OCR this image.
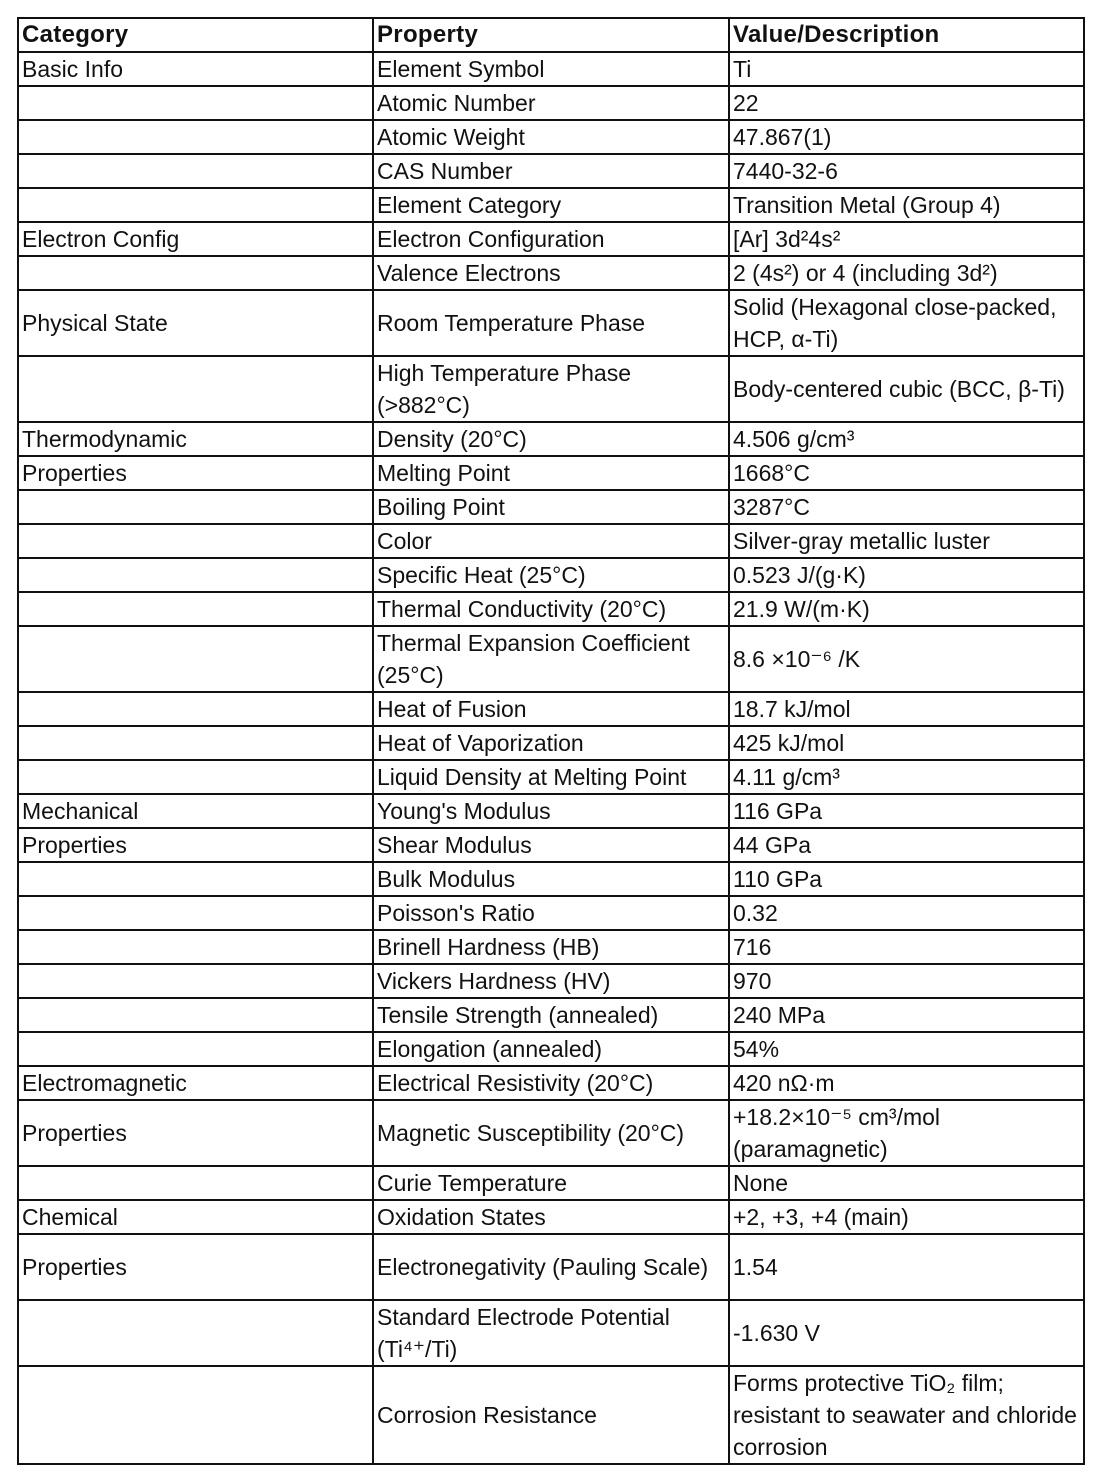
Category	Property	Value/Description
Basic Info	Element Symbol	Ti
	Atomic Number	22
	Atomic Weight	47.867(1)
	CAS Number	7440-32-6
	Element Category	Transition Metal (Group 4)
Electron Config	Electron Configuration	[Ar] 3d²4s²
	Valence Electrons	2 (4s²) or 4 (including 3d²)
Physical State	Room Temperature Phase	Solid (Hexagonal close-packed, HCP, α-Ti)
	High Temperature Phase (>882°C)	Body-centered cubic (BCC, β-Ti)
Thermodynamic	Density (20°C)	4.506 g/cm³
Properties	Melting Point	1668°C
	Boiling Point	3287°C
	Color	Silver-gray metallic luster
	Specific Heat (25°C)	0.523 J/(g·K)
	Thermal Conductivity (20°C)	21.9 W/(m·K)
	Thermal Expansion Coefficient (25°C)	8.6 ×10⁻⁶ /K
	Heat of Fusion	18.7 kJ/mol
	Heat of Vaporization	425 kJ/mol
	Liquid Density at Melting Point	4.11 g/cm³
Mechanical	Young's Modulus	116 GPa
Properties	Shear Modulus	44 GPa
	Bulk Modulus	110 GPa
	Poisson's Ratio	0.32
	Brinell Hardness (HB)	716
	Vickers Hardness (HV)	970
	Tensile Strength (annealed)	240 MPa
	Elongation (annealed)	54%
Electromagnetic	Electrical Resistivity (20°C)	420 nΩ·m
Properties	Magnetic Susceptibility (20°C)	+18.2×10⁻⁵ cm³/mol (paramagnetic)
	Curie Temperature	None
Chemical	Oxidation States	+2, +3, +4 (main)
Properties	Electronegativity (Pauling Scale)	1.54
	Standard Electrode Potential (Ti⁴⁺/Ti)	-1.630 V
	Corrosion Resistance	Forms protective TiO₂ film; resistant to seawater and chloride corrosion
